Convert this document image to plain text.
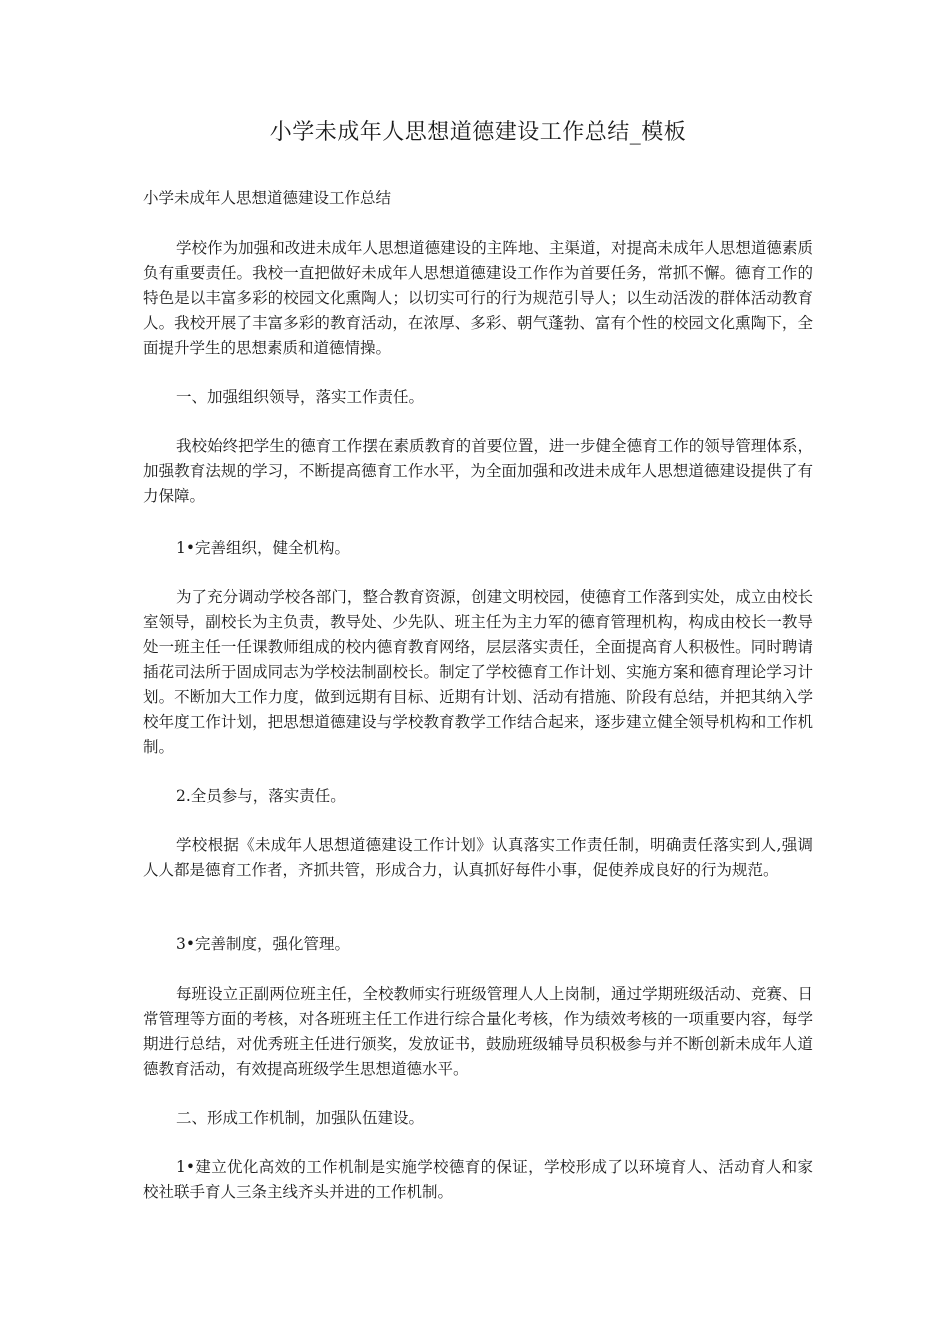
小学未成年人思想道德建设工作总结_模板

小学未成年人思想道德建设工作总结

学校作为加强和改进未成年人思想道德建设的主阵地、主渠道，对提高未成年人思想道德素质负有重要责任。我校一直把做好未成年人思想道德建设工作作为首要任务，常抓不懈。德育工作的特色是以丰富多彩的校园文化熏陶人；以切实可行的行为规范引导人；以生动活泼的群体活动教育人。我校开展了丰富多彩的教育活动，在浓厚、多彩、朝气蓬勃、富有个性的校园文化熏陶下，全面提升学生的思想素质和道德情操。

一、加强组织领导，落实工作责任。

我校始终把学生的德育工作摆在素质教育的首要位置，进一步健全德育工作的领导管理体系，加强教育法规的学习，不断提高德育工作水平，为全面加强和改进未成年人思想道德建设提供了有力保障。

1•完善组织，健全机构。

为了充分调动学校各部门，整合教育资源，创建文明校园，使德育工作落到实处，成立由校长室领导，副校长为主负责，教导处、少先队、班主任为主力军的德育管理机构，构成由校长一教导处一班主任一任课教师组成的校内德育教育网络，层层落实责任，全面提高育人积极性。同时聘请插花司法所于固成同志为学校法制副校长。制定了学校德育工作计划、实施方案和德育理论学习计划。不断加大工作力度，做到远期有目标、近期有计划、活动有措施、阶段有总结，并把其纳入学校年度工作计划，把思想道德建设与学校教育教学工作结合起来，逐步建立健全领导机构和工作机制。

2.全员参与，落实责任。

学校根据《未成年人思想道德建设工作计划》认真落实工作责任制，明确责任落实到人,强调人人都是德育工作者，齐抓共管，形成合力，认真抓好每件小事，促使养成良好的行为规范。

3•完善制度，强化管理。

每班设立正副两位班主任，全校教师实行班级管理人人上岗制，通过学期班级活动、竞赛、日常管理等方面的考核，对各班班主任工作进行综合量化考核，作为绩效考核的一项重要内容，每学期进行总结，对优秀班主任进行颁奖，发放证书，鼓励班级辅导员积极参与并不断创新未成年人道德教育活动，有效提高班级学生思想道德水平。

二、形成工作机制，加强队伍建设。

1•建立优化高效的工作机制是实施学校德育的保证，学校形成了以环境育人、活动育人和家校社联手育人三条主线齐头并进的工作机制。
